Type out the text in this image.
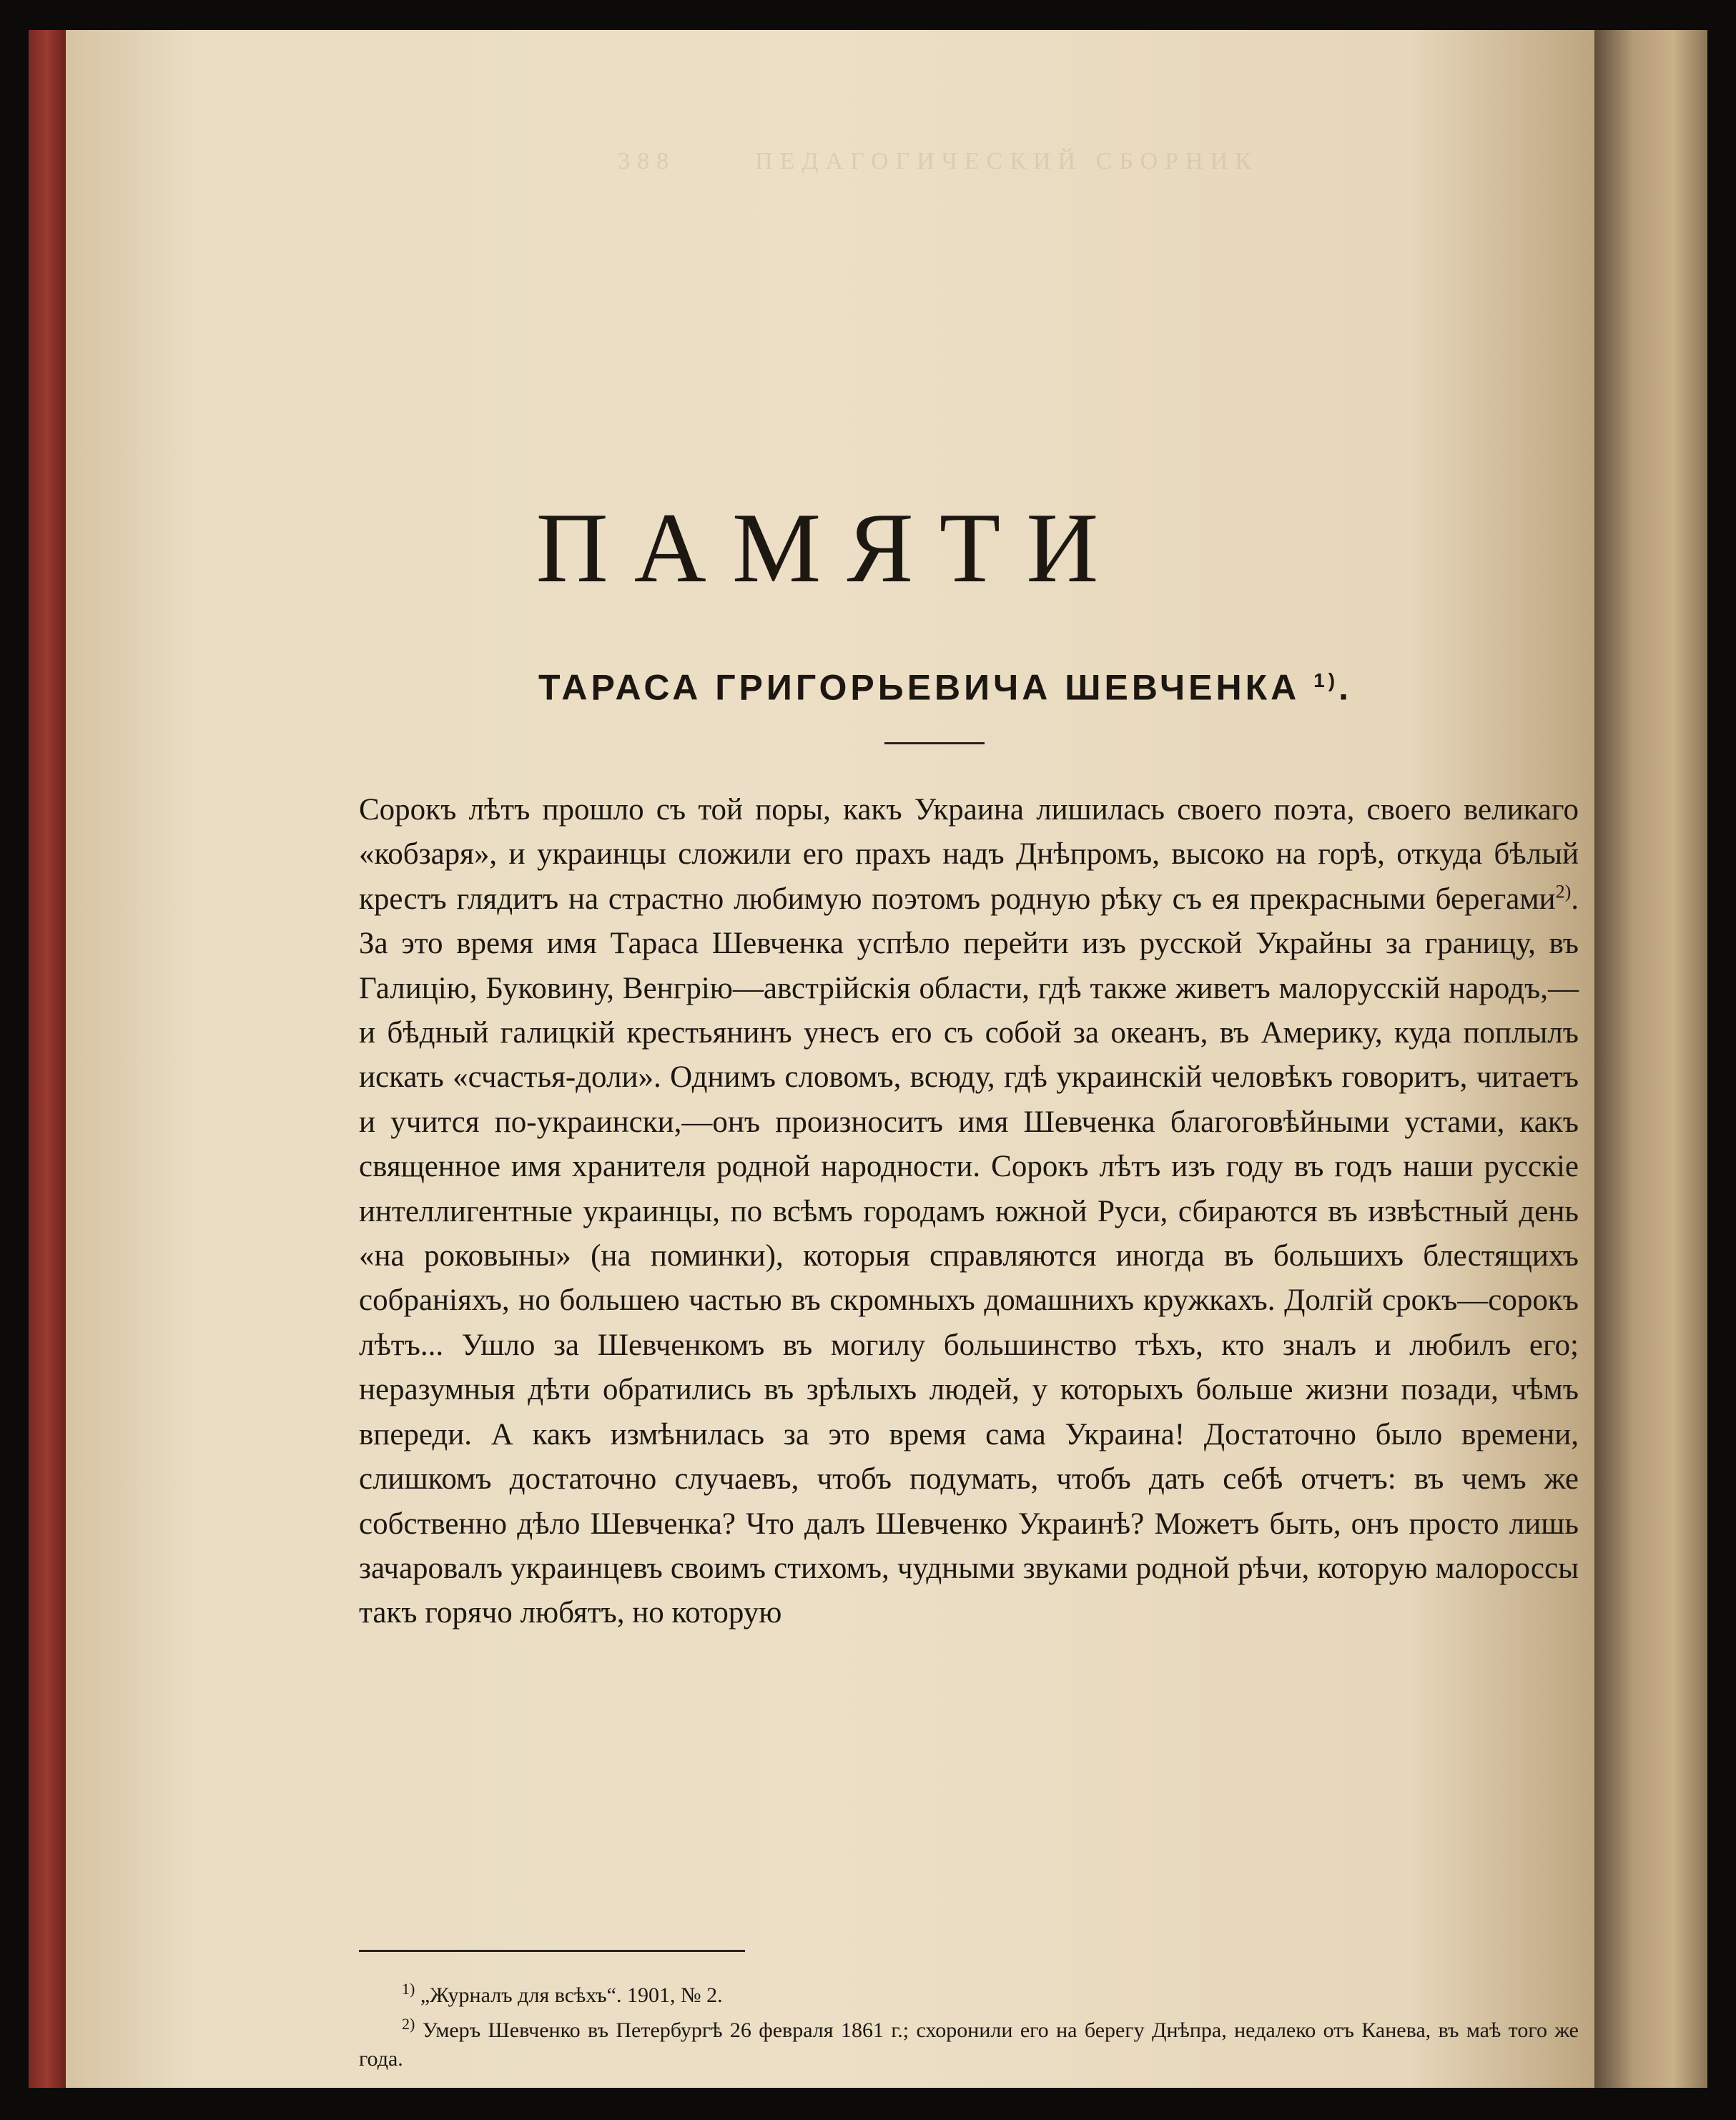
388	ПЕДАГОГИЧЕСКИЙ СБОРНИК
ПАМЯТИ
ТАРАСА ГРИГОРЬЕВИЧА ШЕВЧЕНКА $^{1)}$.

Сорокъ лѣтъ прошло съ той поры, какъ Украина лишилась своего поэта, своего великаго «кобзаря», и украинцы сложили его прахъ надъ Днѣпромъ, высоко на горѣ, откуда бѣлый крестъ глядитъ на страстно любимую поэтомъ родную рѣку съ ея прекрасными берегами$^{2)}$. За это время имя Тараса Шевченка успѣло перейти изъ русской Украйны за границу, въ Галицію, Буковину, Венгрію—австрійскія области, гдѣ также живетъ малорусскій народъ,—и бѣдный галицкій крестьянинъ унесъ его съ собой за океанъ, въ Америку, куда поплылъ искать «счастья-доли». Однимъ словомъ, всюду, гдѣ украинскій человѣкъ говоритъ, читаетъ и учится по-украински,—онъ произноситъ имя Шевченка благоговѣйными устами, какъ священное имя хранителя родной народности. Сорокъ лѣтъ изъ году въ годъ наши русскіе интеллигентные украинцы, по всѣмъ городамъ южной Руси, сбираются въ извѣстный день «на роковыны» (на поминки), которыя справляются иногда въ большихъ блестящихъ собраніяхъ, но большею частью въ скромныхъ домашнихъ кружкахъ. Долгій срокъ—сорокъ лѣтъ... Ушло за Шевченкомъ въ могилу большинство тѣхъ, кто зналъ и любилъ его; неразумныя дѣти обратились въ зрѣлыхъ людей, у которыхъ больше жизни позади, чѣмъ впереди. А какъ измѣнилась за это время сама Украина! Достаточно было времени, слишкомъ достаточно случаевъ, чтобъ подумать, чтобъ дать себѣ отчетъ: въ чемъ же собственно дѣло Шевченка? Что далъ Шевченко Украинѣ? Можетъ быть, онъ просто лишь зачаровалъ украинцевъ своимъ стихомъ, чудными звуками родной рѣчи, которую малороссы такъ горячо любятъ, но которую

$^{1)}$ „Журналъ для всѣхъ“. 1901, № 2.

$^{2)}$ Умеръ Шевченко въ Петербургѣ 26 февраля 1861 г.; схоронили его на берегу Днѣпра, недалеко отъ Канева, въ маѣ того же года.
